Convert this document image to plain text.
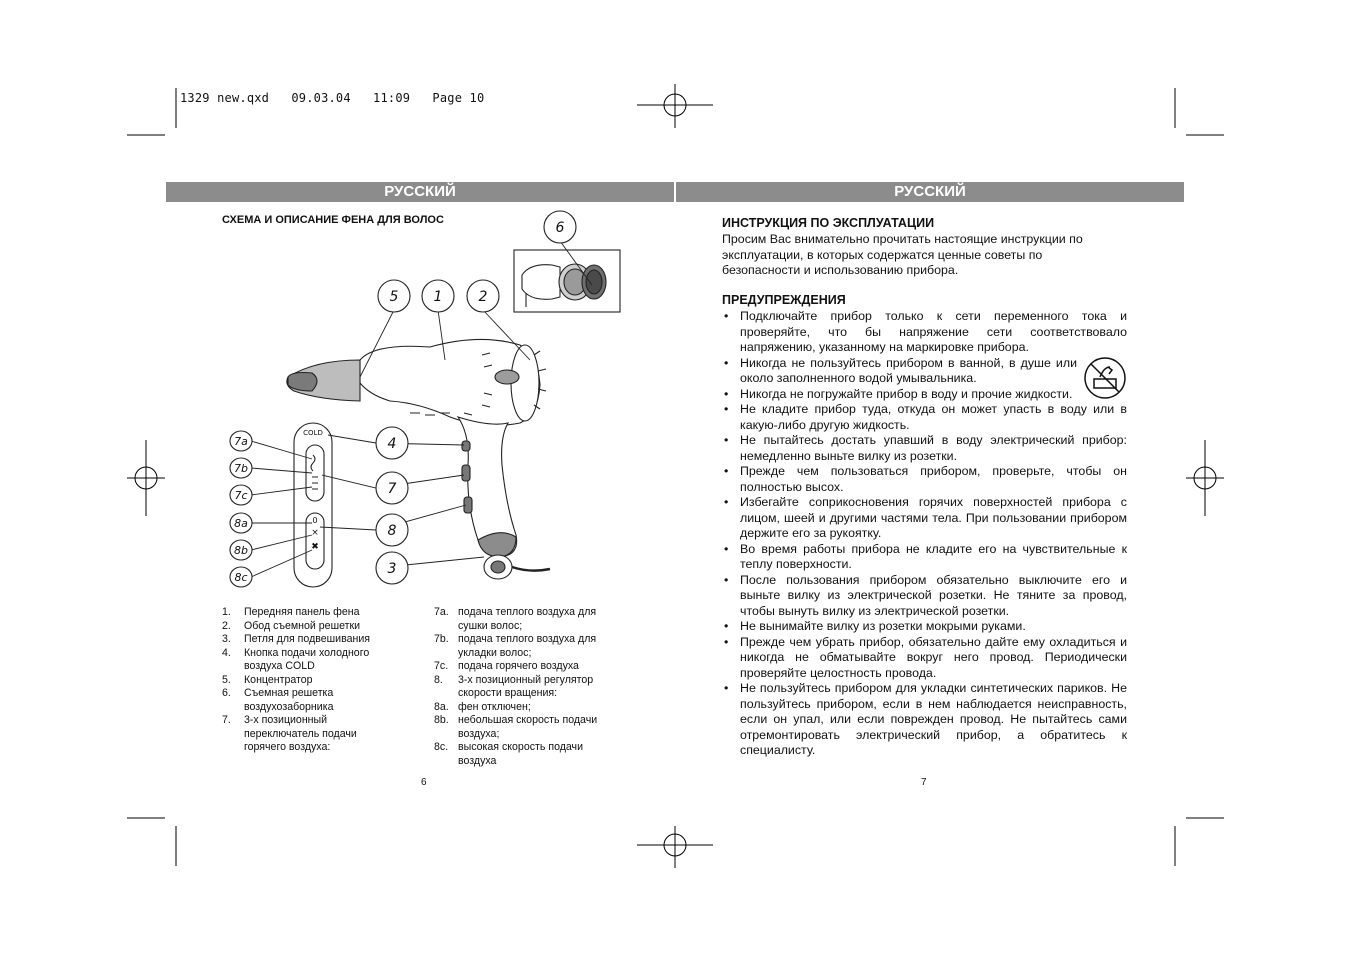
1329 new.qxd   09.03.04   11:09   Page 10
РУССКИЙ	РУССКИЙ
СХЕМА И ОПИСАНИЕ ФЕНА ДЛЯ ВОЛОС	6
5	1	2
4
7
8
3
7a
7b
7c
8a
8b
8c
COLD
0
×
✖
1.	Передняя панель фена
2.	Обод съемной решетки
3.	Петля для подвешивания
4.	Кнопка подачи холодного
воздуха COLD
5.	Концентратор
6.	Съемная решетка
воздухозаборника
7.	3-х позиционный
переключатель подачи
горячего воздуха:
7a. подача теплого воздуха для
сушки волос;
7b. подача теплого воздуха для
укладки волос;
7c. подача горячего воздуха
8.	3-х позиционный регулятор
скорости вращения:
8a. фен отключен;
8b. небольшая скорость подачи
воздуха;
8c. высокая скорость подачи
воздуха
6
ИНСТРУКЦИЯ ПО ЭКСПЛУАТАЦИИ
Просим Вас внимательно прочитать настоящие инструкции по
эксплуатации, в которых содержатся ценные советы по
безопасности и использованию прибора.
ПРЕДУПРЕЖДЕНИЯ
• Подключайте прибор только к сети переменного тока и проверяйте, что бы напряжение сети соответствовало напряжению, указанному на маркировке прибора.
• Никогда не пользуйтесь прибором в ванной, в душе или около заполненного водой умывальника.
• Никогда не погружайте прибор в воду и прочие жидкости.
• Не кладите прибор туда, откуда он может упасть в воду или в какую-либо другую жидкость.
• Не пытайтесь достать упавший в воду электрический прибор: немедленно выньте вилку из розетки.
• Прежде чем пользоваться прибором, проверьте, чтобы он полностью высох.
• Избегайте соприкосновения горячих поверхностей прибора с лицом, шеей и другими частями тела. При пользовании прибором держите его за рукоятку.
• Во время работы прибора не кладите его на чувствительные к теплу поверхности.
• После пользования прибором обязательно выключите его и выньте вилку из электрической розетки. Не тяните за провод, чтобы вынуть вилку из электрической розетки.
• Не вынимайте вилку из розетки мокрыми руками.
• Прежде чем убрать прибор, обязательно дайте ему охладиться и никогда не обматывайте вокруг него провод. Периодически проверяйте целостность провода.
• Не пользуйтесь прибором для укладки синтетических париков. Не пользуйтесь прибором, если в нем наблюдается неисправность, если он упал, или если поврежден провод. Не пытайтесь сами отремонтировать электрический прибор, а обратитесь к специалисту.
7
